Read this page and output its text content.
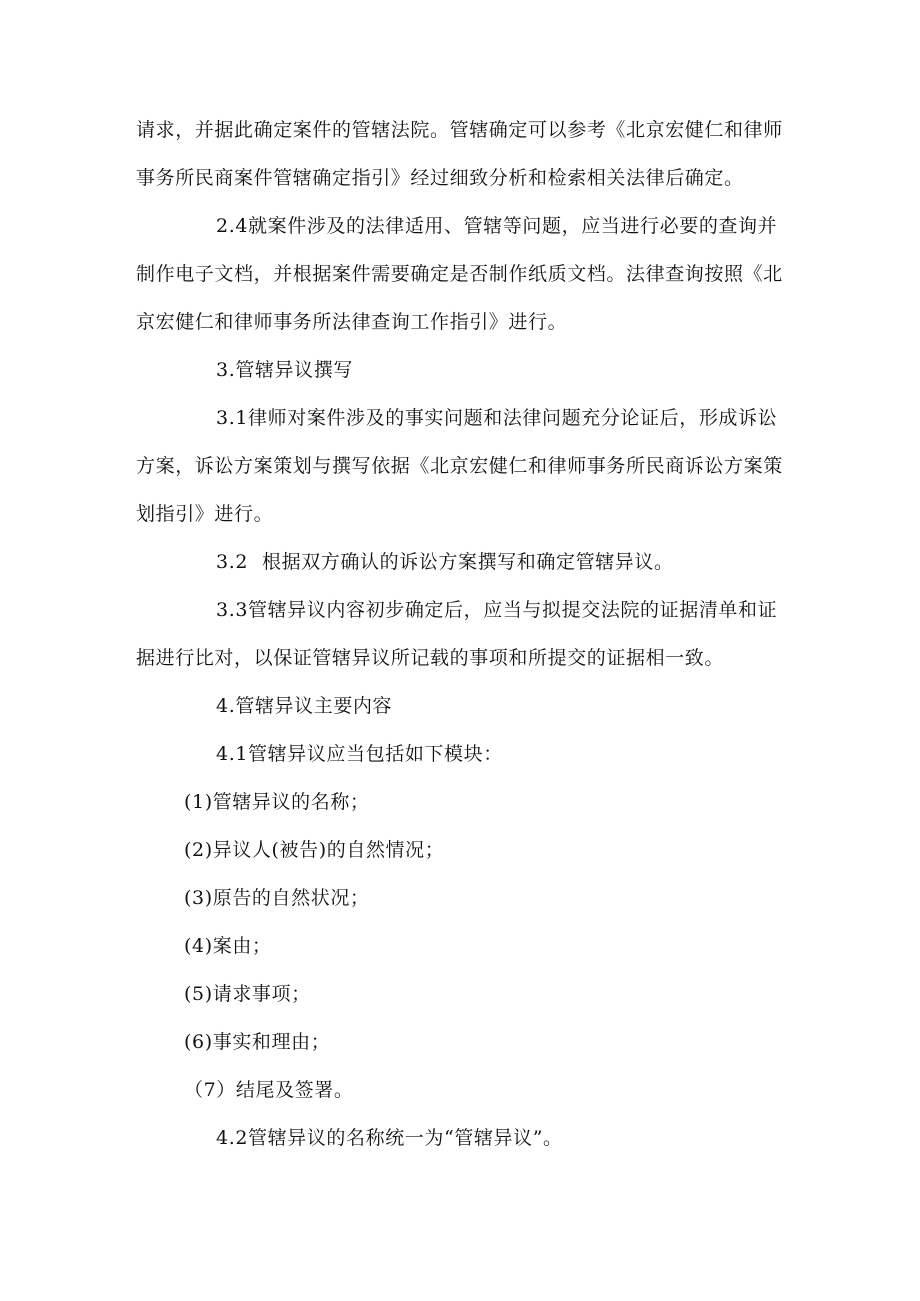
请求，并据此确定案件的管辖法院。管辖确定可以参考《北京宏健仁和律师事务所民商案件管辖确定指引》经过细致分析和检索相关法律后确定。

2.4就案件涉及的法律适用、管辖等问题，应当进行必要的查询并制作电子文档，并根据案件需要确定是否制作纸质文档。法律查询按照《北京宏健仁和律师事务所法律查询工作指引》进行。

3.管辖异议撰写

3.1律师对案件涉及的事实问题和法律问题充分论证后，形成诉讼方案，诉讼方案策划与撰写依据《北京宏健仁和律师事务所民商诉讼方案策划指引》进行。

3.2 根据双方确认的诉讼方案撰写和确定管辖异议。

3.3管辖异议内容初步确定后，应当与拟提交法院的证据清单和证据进行比对，以保证管辖异议所记载的事项和所提交的证据相一致。

4.管辖异议主要内容

4.1管辖异议应当包括如下模块：

(1)管辖异议的名称；

(2)异议人(被告)的自然情况；

(3)原告的自然状况；

(4)案由；

(5)请求事项；

(6)事实和理由；

（7）结尾及签署。

4.2管辖异议的名称统一为“管辖异议”。
